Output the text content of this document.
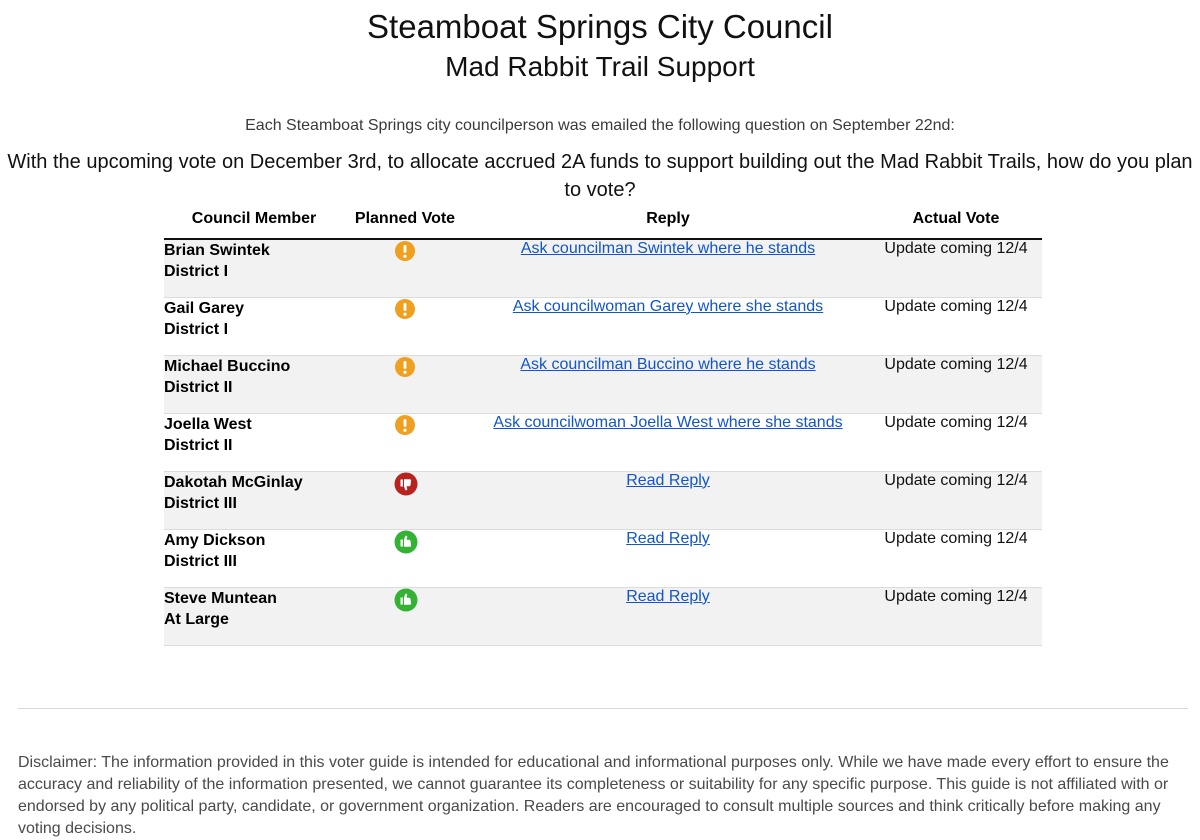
Steamboat Springs City Council
Mad Rabbit Trail Support
Each Steamboat Springs city councilperson was emailed the following question on September 22nd:
With the upcoming vote on December 3rd, to allocate accrued 2A funds to support building out the Mad Rabbit Trails, how do you plan to vote?
Council Member	Planned Vote	Reply	Actual Vote

Brian Swintek
District I		Ask councilman Swintek where he stands	Update coming 12/4

Gail Garey
District I		Ask councilwoman Garey where she stands	Update coming 12/4

Michael Buccino
District II		Ask councilman Buccino where he stands	Update coming 12/4

Joella West
District II		Ask councilwoman Joella West where she stands	Update coming 12/4

Dakotah McGinlay
District III		Read Reply	Update coming 12/4

Amy Dickson
District III		Read Reply	Update coming 12/4

Steve Muntean
At Large		Read Reply	Update coming 12/4
Disclaimer: The information provided in this voter guide is intended for educational and informational purposes only. While we have made every effort to ensure the accuracy and reliability of the information presented, we cannot guarantee its completeness or suitability for any specific purpose. This guide is not affiliated with or endorsed by any political party, candidate, or government organization. Readers are encouraged to consult multiple sources and think critically before making any voting decisions.
